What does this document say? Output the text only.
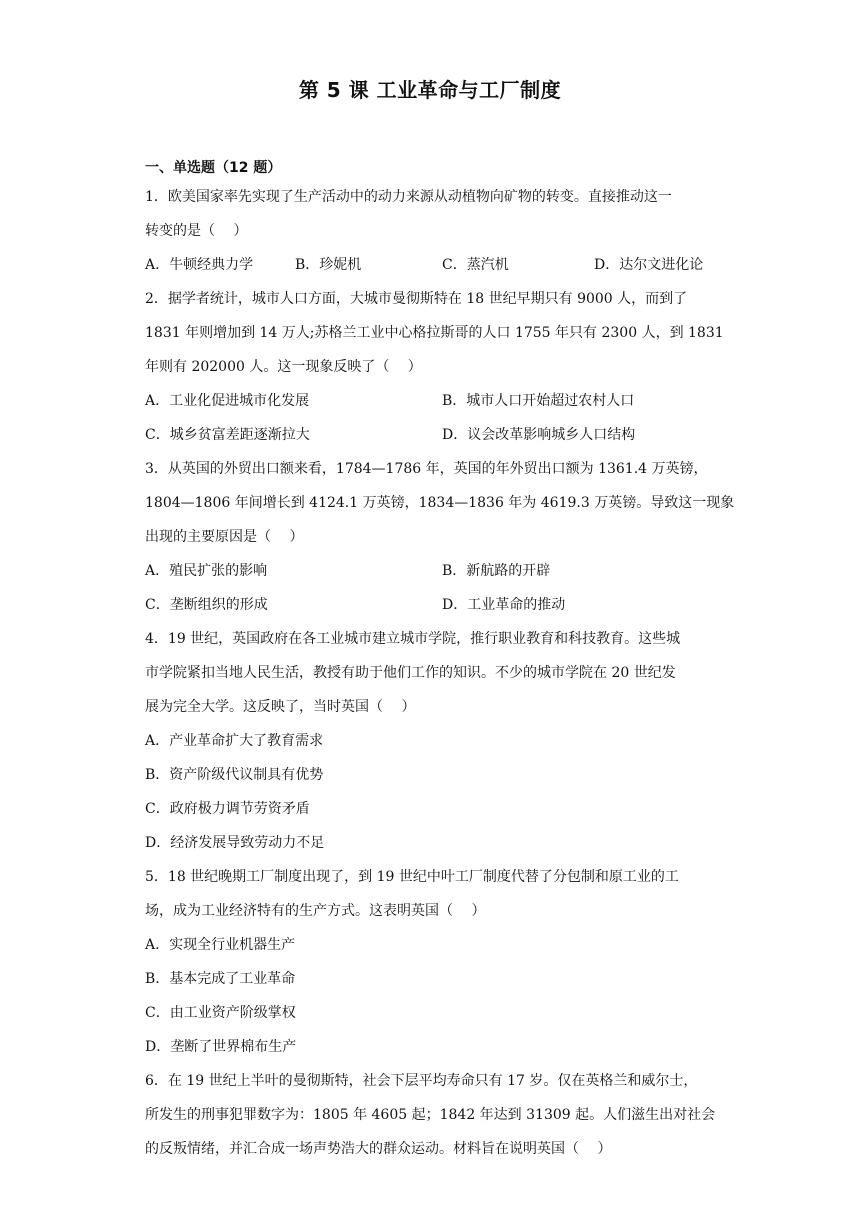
第 5 课 工业革命与工厂制度
一、单选题（12 题）
1．欧美国家率先实现了生产活动中的动力来源从动植物向矿物的转变。直接推动这一
转变的是（　 ）
A．牛顿经典力学	B．珍妮机	C．蒸汽机	D．达尔文进化论
2．据学者统计，城市人口方面，大城市曼彻斯特在 18 世纪早期只有 9000 人，而到了
1831 年则增加到 14 万人;苏格兰工业中心格拉斯哥的人口 1755 年只有 2300 人，到 1831
年则有 202000 人。这一现象反映了（　 ）
A．工业化促进城市化发展	B．城市人口开始超过农村人口
C．城乡贫富差距逐渐拉大	D．议会改革影响城乡人口结构
3．从英国的外贸出口额来看，1784—1786 年，英国的年外贸出口额为 1361.4 万英镑，
1804—1806 年间增长到 4124.1 万英镑，1834—1836 年为 4619.3 万英镑。导致这一现象
出现的主要原因是（　 ）
A．殖民扩张的影响	B．新航路的开辟
C．垄断组织的形成	D．工业革命的推动
4．19 世纪，英国政府在各工业城市建立城市学院，推行职业教育和科技教育。这些城
市学院紧扣当地人民生活，教授有助于他们工作的知识。不少的城市学院在 20 世纪发
展为完全大学。这反映了，当时英国（　 ）
A．产业革命扩大了教育需求
B．资产阶级代议制具有优势
C．政府极力调节劳资矛盾
D．经济发展导致劳动力不足
5．18 世纪晚期工厂制度出现了，到 19 世纪中叶工厂制度代替了分包制和原工业的工
场，成为工业经济特有的生产方式。这表明英国（　 ）
A．实现全行业机器生产
B．基本完成了工业革命
C．由工业资产阶级掌权
D．垄断了世界棉布生产
6．在 19 世纪上半叶的曼彻斯特，社会下层平均寿命只有 17 岁。仅在英格兰和威尔士，
所发生的刑事犯罪数字为：1805 年 4605 起；1842 年达到 31309 起。人们滋生出对社会
的反叛情绪，并汇合成一场声势浩大的群众运动。材料旨在说明英国（　 ）
